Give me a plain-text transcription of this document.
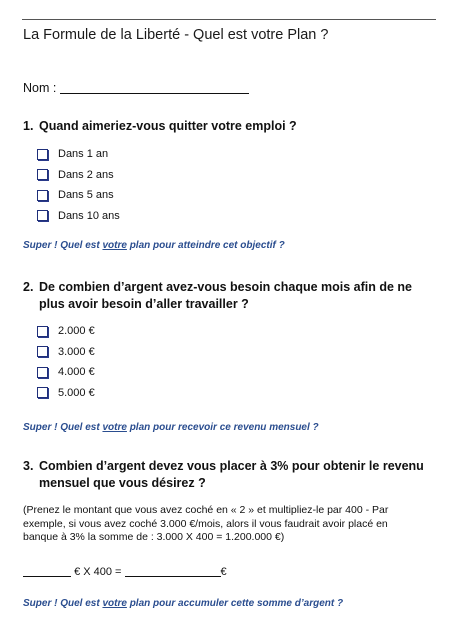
La Formule de la Liberté - Quel est votre Plan ?
Nom :
1. Quand aimeriez-vous quitter votre emploi ?
Dans 1 an
Dans 2 ans
Dans 5 ans
Dans 10 ans
Super ! Quel est votre plan pour atteindre cet objectif ?
2. De combien d’argent avez-vous besoin chaque mois afin de ne plus avoir besoin d’aller travailler ?
2.000 €
3.000 €
4.000 €
5.000 €
Super ! Quel est votre plan pour recevoir ce revenu mensuel ?
3. Combien d’argent devez vous placer à 3% pour obtenir le revenu mensuel que vous désirez ?
(Prenez le montant que vous avez coché en « 2 » et multipliez-le par 400 - Par exemple, si vous avez coché 3.000 €/mois, alors il vous faudrait avoir placé en banque à 3% la somme de : 3.000 X 400 = 1.200.000 €)
€ X 400 =	€
Super ! Quel est votre plan pour accumuler cette somme d’argent ?
